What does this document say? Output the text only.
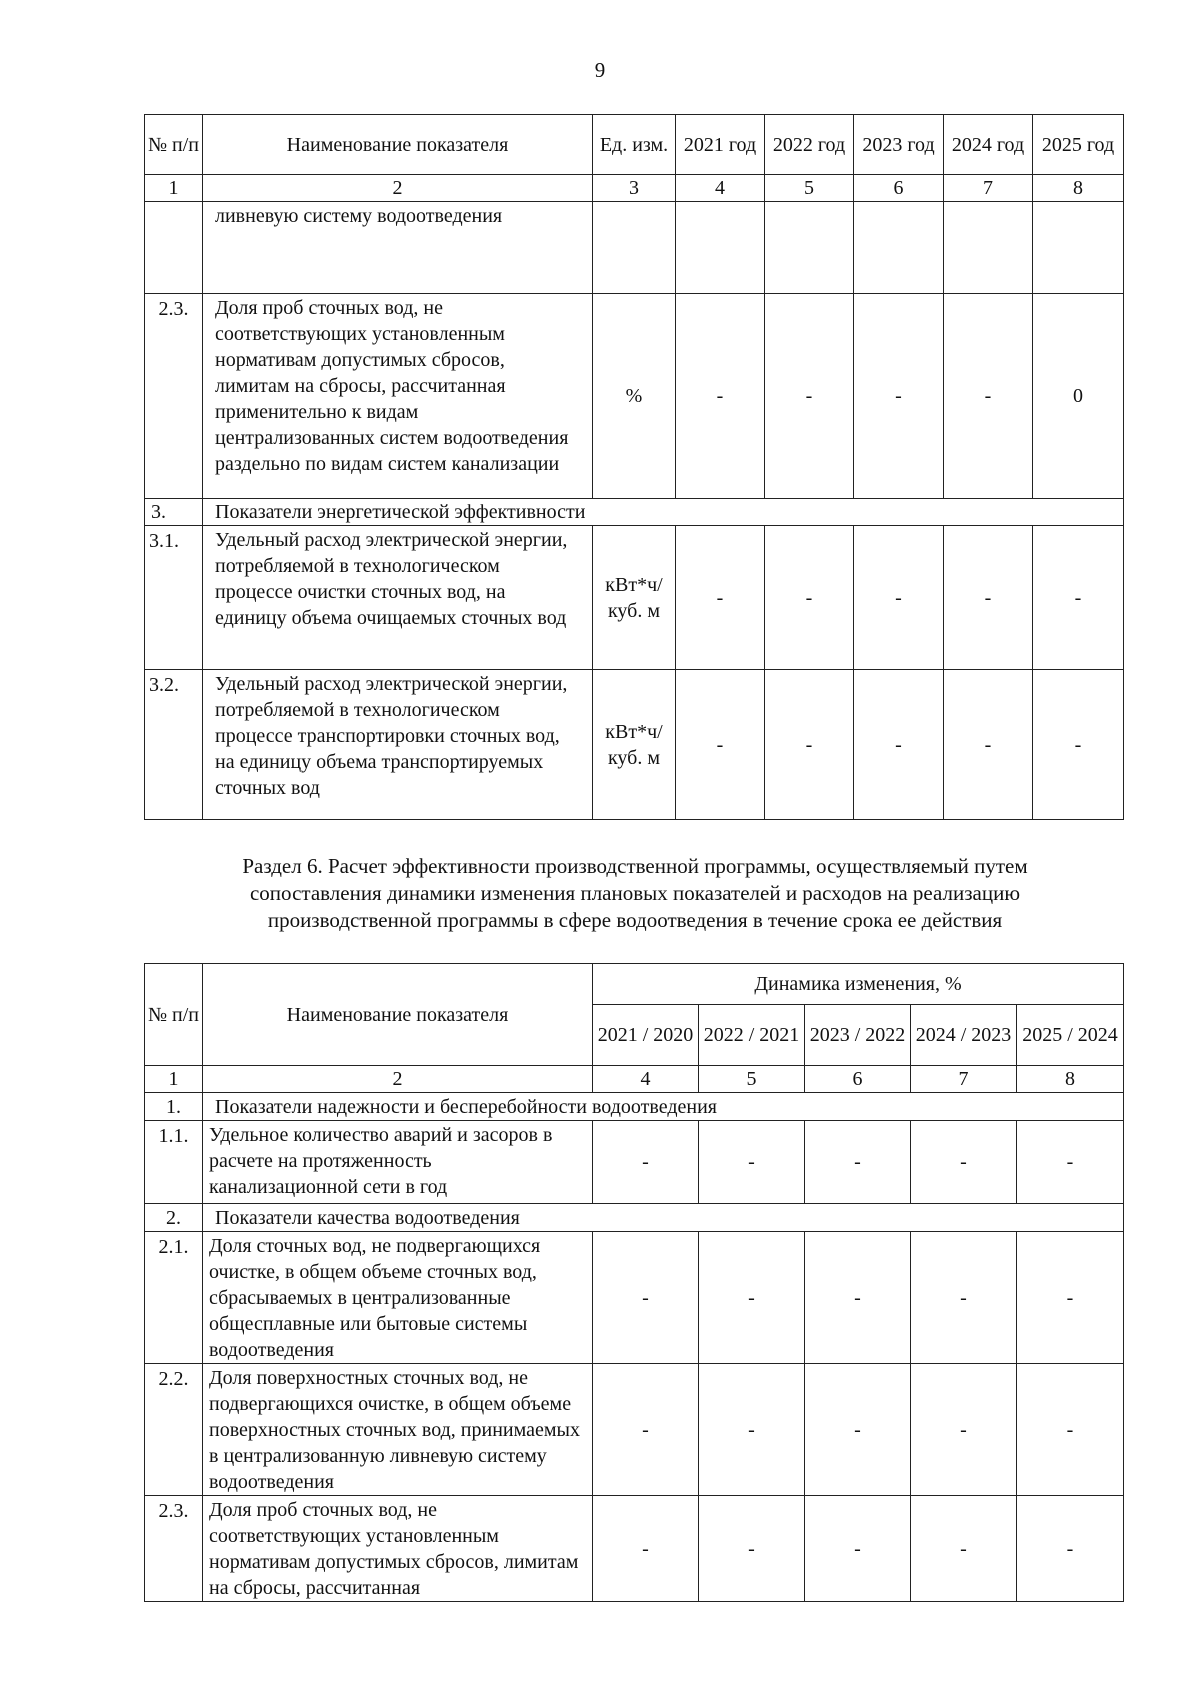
9
№ п/п	Наименование показателя	Ед. изм.	2021 год	2022 год	2023 год	2024 год	2025 год
1	2	3	4	5	6	7	8
	ливневую систему водоотведения						
2.3.	Доля проб сточных вод, не соответствующих установленным нормативам допустимых сбросов, лимитам на сбросы, рассчитанная применительно к видам централизованных систем водоотведения раздельно по видам систем канализации	%	-	-	-	-	0
3.	Показатели энергетической эффективности						
3.1.	Удельный расход электрической энергии, потребляемой в технологическом процессе очистки сточных вод, на единицу объема очищаемых сточных вод	кВт*ч/ куб. м	-	-	-	-	-
3.2.	Удельный расход электрической энергии, потребляемой в технологическом процессе транспортировки сточных вод, на единицу объема транспортируемых сточных вод	кВт*ч/ куб. м	-	-	-	-	-
Раздел 6. Расчет эффективности производственной программы, осуществляемый путем
сопоставления динамики изменения плановых показателей и расходов на реализацию
производственной программы в сфере водоотведения в течение срока ее действия
№ п/п	Наименование показателя	Динамика изменения, %				
		2021 / 2020	2022 / 2021	2023 / 2022	2024 / 2023	2025 / 2024
1	2	4	5	6	7	8
1.	Показатели надежности и бесперебойности водоотведения					
1.1.	Удельное количество аварий и засоров в расчете на протяженность канализационной сети в год	-	-	-	-	-
2.	Показатели качества водоотведения					
2.1.	Доля сточных вод, не подвергающихся очистке, в общем объеме сточных вод, сбрасываемых в централизованные общесплавные или бытовые системы водоотведения	-	-	-	-	-
2.2.	Доля поверхностных сточных вод, не подвергающихся очистке, в общем объеме поверхностных сточных вод, принимаемых в централизованную ливневую систему водоотведения	-	-	-	-	-
2.3.	Доля проб сточных вод, не соответствующих установленным нормативам допустимых сбросов, лимитам на сбросы, рассчитанная	-	-	-	-	-
